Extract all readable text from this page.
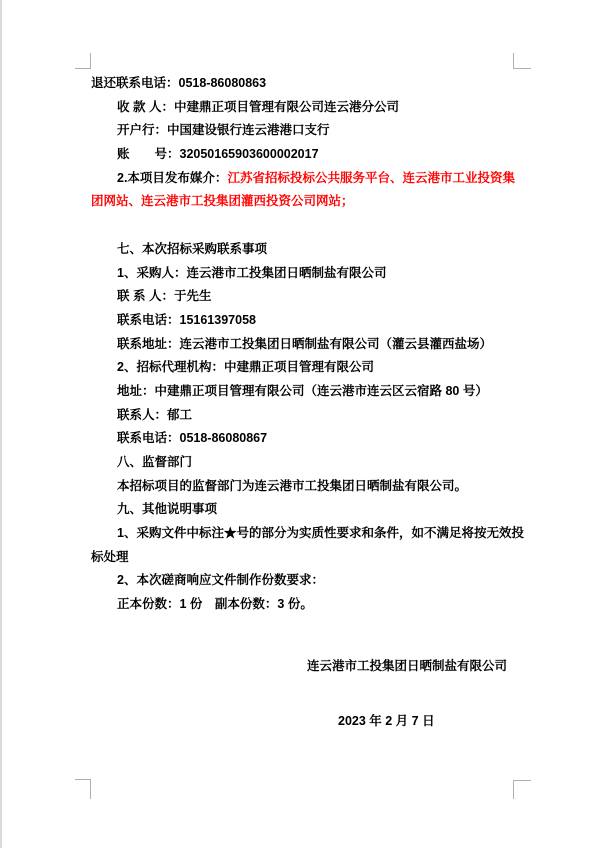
退还联系电话：0518-86080863
收 款 人：中建鼎正项目管理有限公司连云港分公司
开户行：中国建设银行连云港港口支行
账　　号：32050165903600002017
2.本项目发布媒介：江苏省招标投标公共服务平台、连云港市工业投资集
团网站、连云港市工投集团灌西投资公司网站；
七、本次招标采购联系事项
1、采购人：连云港市工投集团日晒制盐有限公司
联 系 人：于先生
联系电话：15161397058
联系地址：连云港市工投集团日晒制盐有限公司（灌云县灌西盐场）
2、招标代理机构：中建鼎正项目管理有限公司
地址：中建鼎正项目管理有限公司（连云港市连云区云宿路 80 号）
联系人：郁工
联系电话：0518-86080867
八、监督部门
本招标项目的监督部门为连云港市工投集团日晒制盐有限公司。
九、其他说明事项
1、采购文件中标注★号的部分为实质性要求和条件，如不满足将按无效投
标处理
2、本次磋商响应文件制作份数要求：
正本份数：1 份　副本份数：3 份。
连云港市工投集团日晒制盐有限公司
2023 年 2 月 7 日
